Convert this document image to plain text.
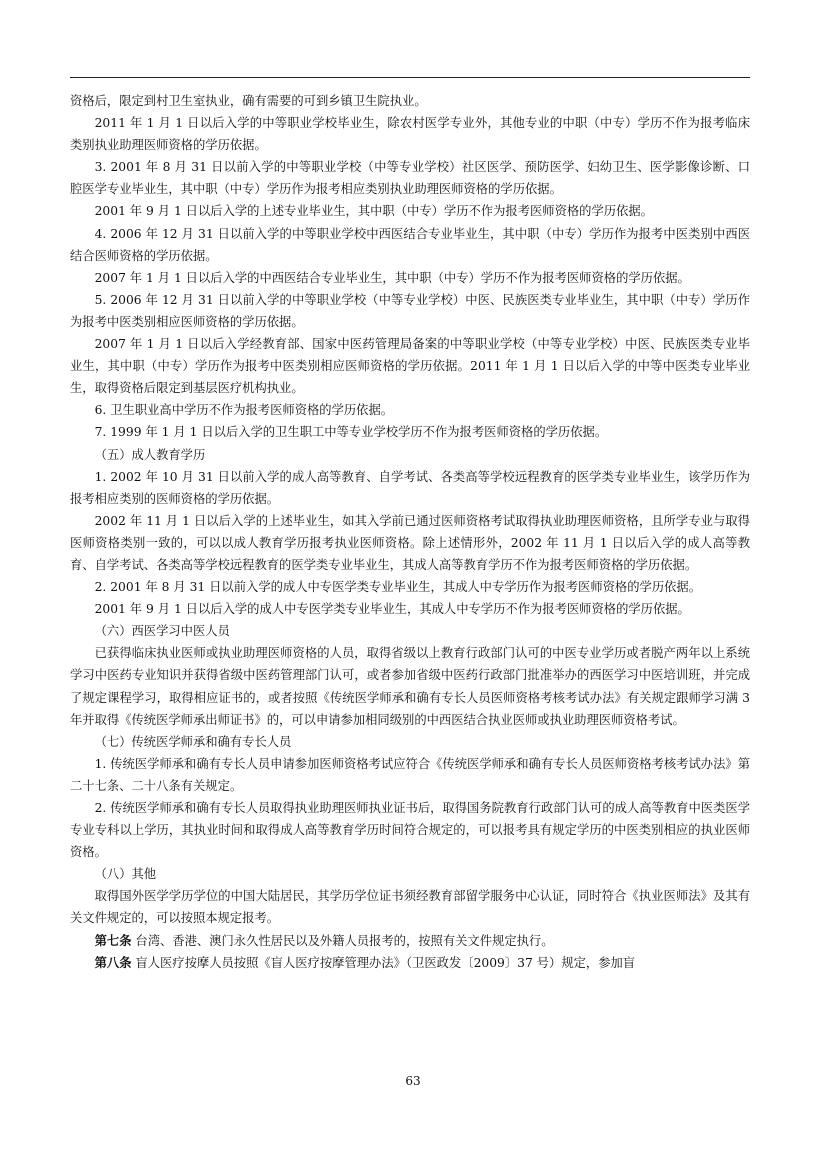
资格后，限定到村卫生室执业，确有需要的可到乡镇卫生院执业。

2011 年 1 月 1 日以后入学的中等职业学校毕业生，除农村医学专业外，其他专业的中职（中专）学历不作为报考临床类别执业助理医师资格的学历依据。

3. 2001 年 8 月 31 日以前入学的中等职业学校（中等专业学校）社区医学、预防医学、妇幼卫生、医学影像诊断、口腔医学专业毕业生，其中职（中专）学历作为报考相应类别执业助理医师资格的学历依据。

2001 年 9 月 1 日以后入学的上述专业毕业生，其中职（中专）学历不作为报考医师资格的学历依据。

4. 2006 年 12 月 31 日以前入学的中等职业学校中西医结合专业毕业生，其中职（中专）学历作为报考中医类别中西医结合医师资格的学历依据。

2007 年 1 月 1 日以后入学的中西医结合专业毕业生，其中职（中专）学历不作为报考医师资格的学历依据。

5. 2006 年 12 月 31 日以前入学的中等职业学校（中等专业学校）中医、民族医类专业毕业生，其中职（中专）学历作为报考中医类别相应医师资格的学历依据。

2007 年 1 月 1 日以后入学经教育部、国家中医药管理局备案的中等职业学校（中等专业学校）中医、民族医类专业毕业生，其中职（中专）学历作为报考中医类别相应医师资格的学历依据。2011 年 1 月 1 日以后入学的中等中医类专业毕业生，取得资格后限定到基层医疗机构执业。

6. 卫生职业高中学历不作为报考医师资格的学历依据。

7. 1999 年 1 月 1 日以后入学的卫生职工中等专业学校学历不作为报考医师资格的学历依据。

（五）成人教育学历

1. 2002 年 10 月 31 日以前入学的成人高等教育、自学考试、各类高等学校远程教育的医学类专业毕业生，该学历作为报考相应类别的医师资格的学历依据。

2002 年 11 月 1 日以后入学的上述毕业生，如其入学前已通过医师资格考试取得执业助理医师资格，且所学专业与取得医师资格类别一致的，可以以成人教育学历报考执业医师资格。除上述情形外，2002 年 11 月 1 日以后入学的成人高等教育、自学考试、各类高等学校远程教育的医学类专业毕业生，其成人高等教育学历不作为报考医师资格的学历依据。

2. 2001 年 8 月 31 日以前入学的成人中专医学类专业毕业生，其成人中专学历作为报考医师资格的学历依据。

2001 年 9 月 1 日以后入学的成人中专医学类专业毕业生，其成人中专学历不作为报考医师资格的学历依据。

（六）西医学习中医人员

已获得临床执业医师或执业助理医师资格的人员，取得省级以上教育行政部门认可的中医专业学历或者脱产两年以上系统学习中医药专业知识并获得省级中医药管理部门认可，或者参加省级中医药行政部门批准举办的西医学习中医培训班，并完成了规定课程学习，取得相应证书的，或者按照《传统医学师承和确有专长人员医师资格考核考试办法》有关规定跟师学习满 3 年并取得《传统医学师承出师证书》的，可以申请参加相同级别的中西医结合执业医师或执业助理医师资格考试。

（七）传统医学师承和确有专长人员

1. 传统医学师承和确有专长人员申请参加医师资格考试应符合《传统医学师承和确有专长人员医师资格考核考试办法》第二十七条、二十八条有关规定。

2. 传统医学师承和确有专长人员取得执业助理医师执业证书后，取得国务院教育行政部门认可的成人高等教育中医类医学专业专科以上学历，其执业时间和取得成人高等教育学历时间符合规定的，可以报考具有规定学历的中医类别相应的执业医师资格。

（八）其他

取得国外医学学历学位的中国大陆居民，其学历学位证书须经教育部留学服务中心认证，同时符合《执业医师法》及其有关文件规定的，可以按照本规定报考。

第七条 台湾、香港、澳门永久性居民以及外籍人员报考的，按照有关文件规定执行。

第八条 盲人医疗按摩人员按照《盲人医疗按摩管理办法》（卫医政发〔2009〕37 号）规定，参加盲

63
